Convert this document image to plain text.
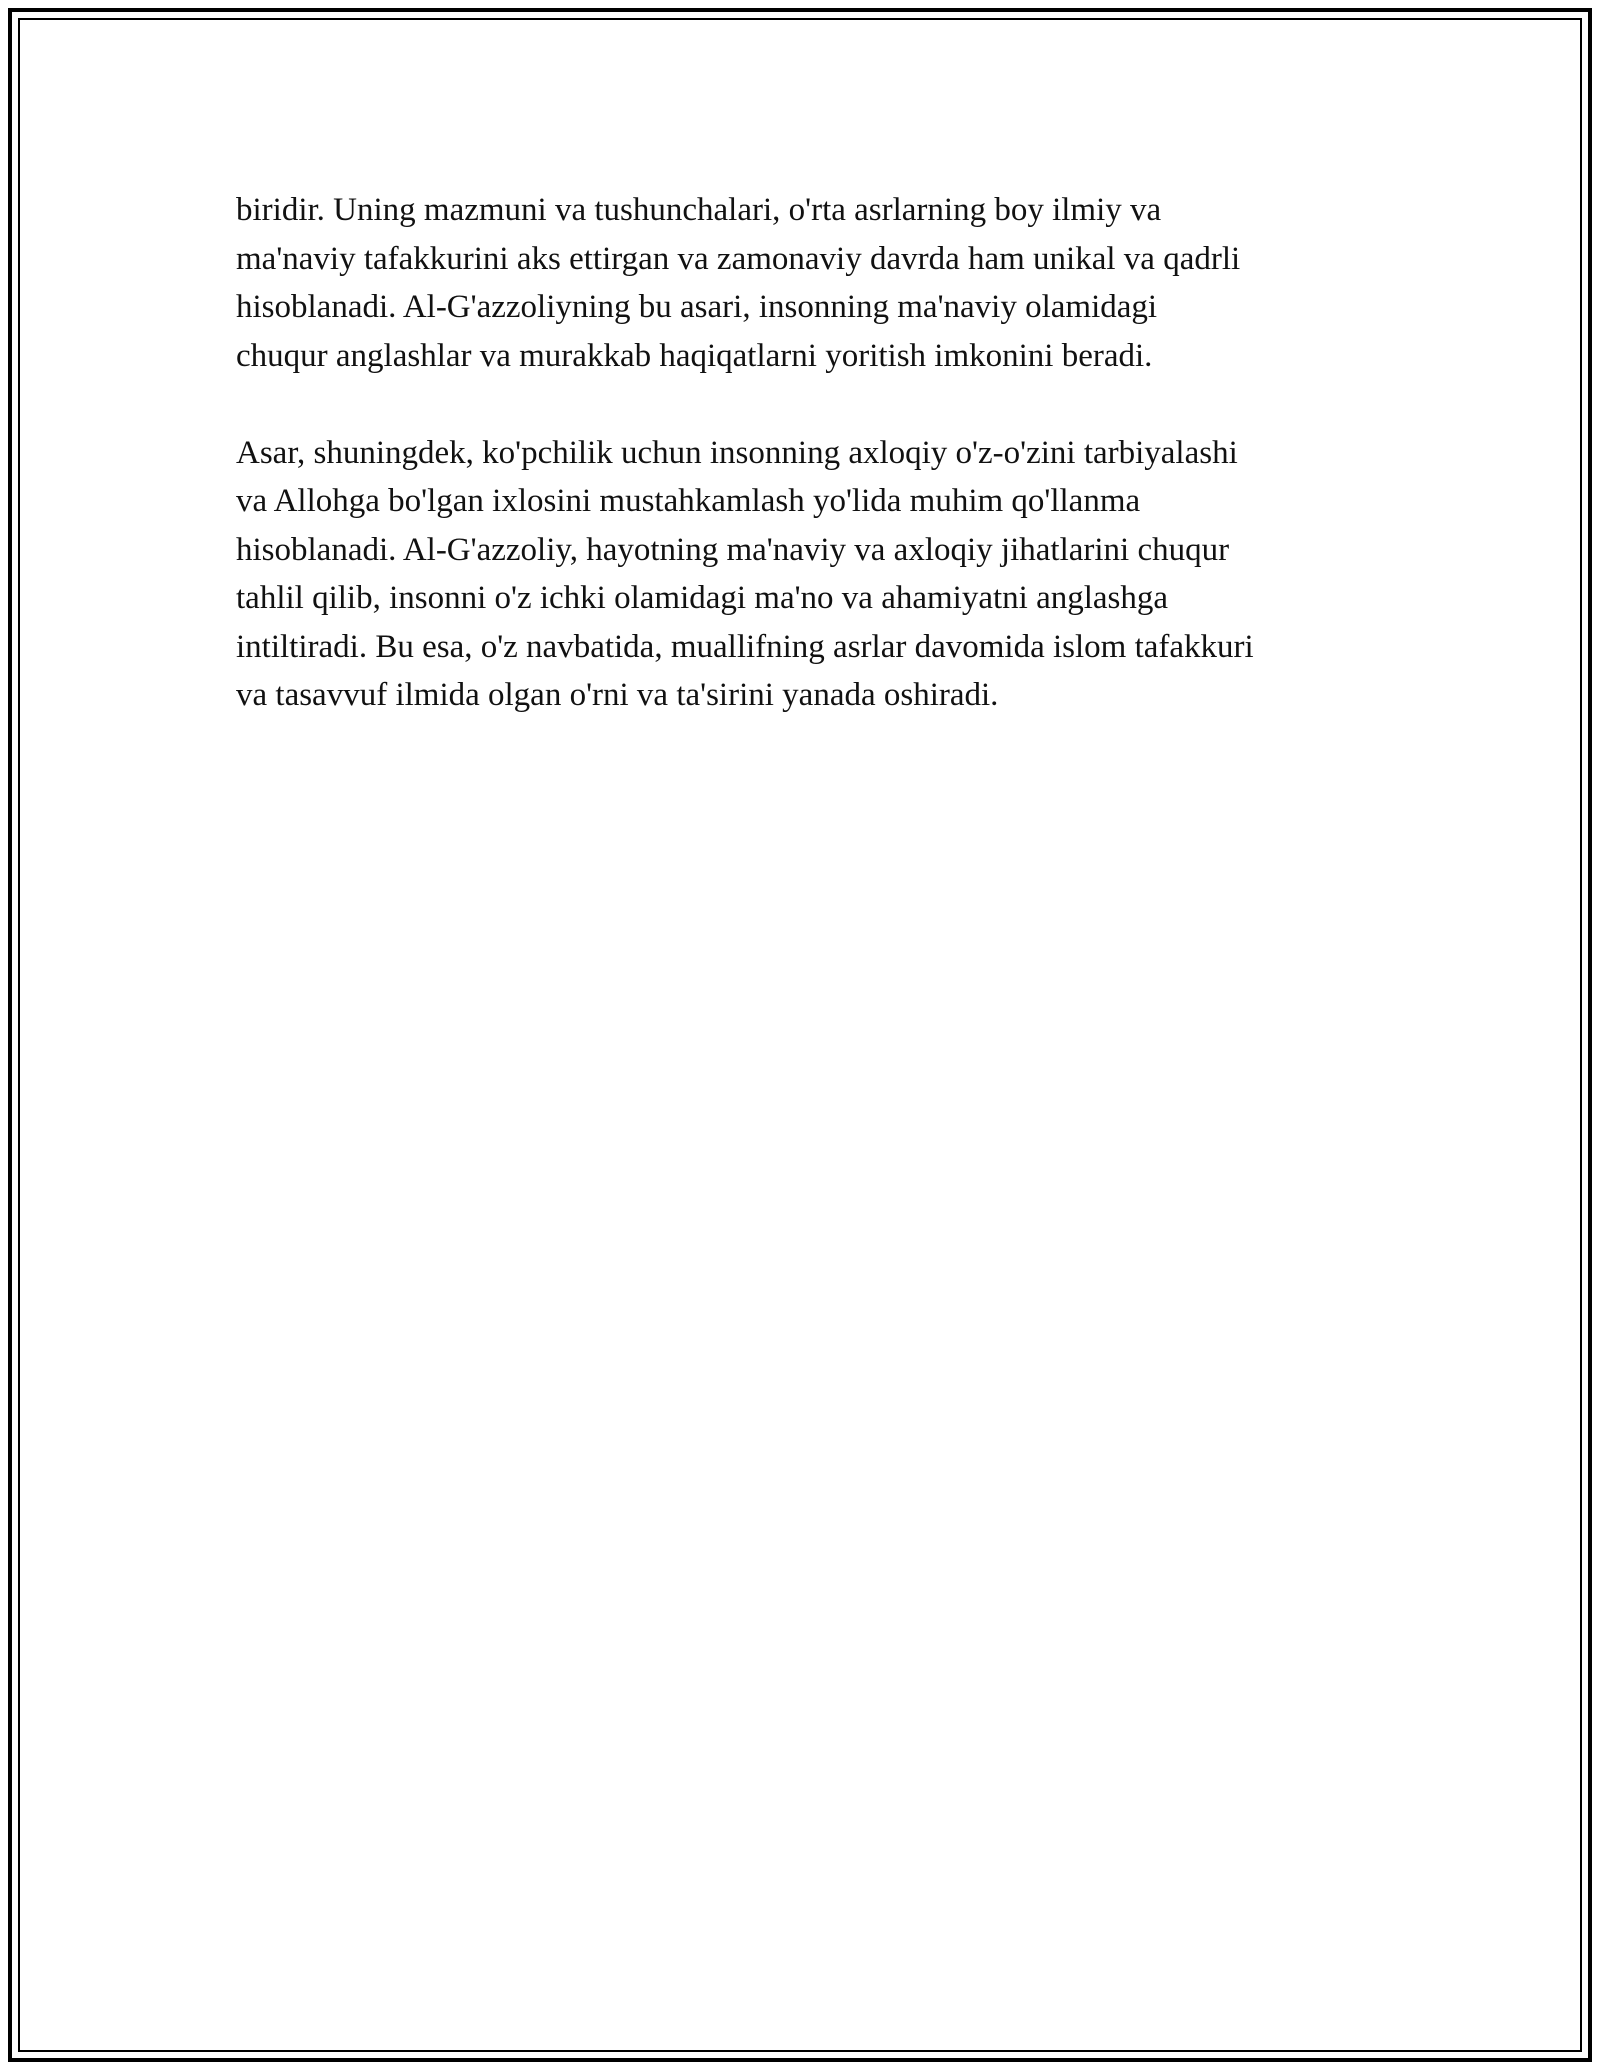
biridir. Uning mazmuni va tushunchalari, o'rta asrlarning boy ilmiy va
ma'naviy tafakkurini aks ettirgan va zamonaviy davrda ham unikal va qadrli
hisoblanadi. Al-G'azzoliyning bu asari, insonning ma'naviy olamidagi
chuqur anglashlar va murakkab haqiqatlarni yoritish imkonini beradi.

Asar, shuningdek, ko'pchilik uchun insonning axloqiy o'z-o'zini tarbiyalashi
va Allohga bo'lgan ixlosini mustahkamlash yo'lida muhim qo'llanma
hisoblanadi. Al-G'azzoliy, hayotning ma'naviy va axloqiy jihatlarini chuqur
tahlil qilib, insonni o'z ichki olamidagi ma'no va ahamiyatni anglashga
intiltiradi. Bu esa, o'z navbatida, muallifning asrlar davomida islom tafakkuri
va tasavvuf ilmida olgan o'rni va ta'sirini yanada oshiradi.
